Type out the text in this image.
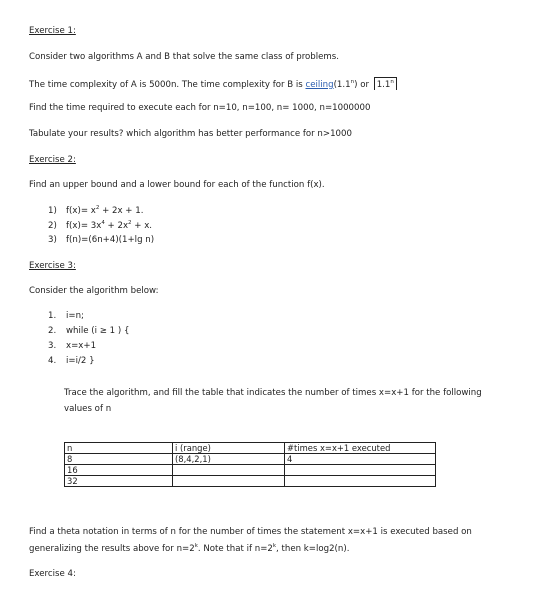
Exercise 1:
Consider two algorithms A and B that solve the same class of problems.
The time complexity of A is 5000n. The time complexity for B is ceiling(1.1$^n$) or 1.1$^n$
Find the time required to execute each for n=10, n=100, n= 1000, n=1000000
Tabulate your results? which algorithm has better performance for n>1000
Exercise 2:
Find an upper bound and a lower bound for each of the function f(x).
1) $f(x)= x^2 + 2x + 1$.
2) $f(x)= 3x^4 + 2x^2 + x$.
3) f(n)=(6n+4)(1+lg n)
Exercise 3:
Consider the algorithm below:
1. i=n;
2. while (i ≥ 1 ) {
3. x=x+1
4. i=i/2 }
Trace the algorithm, and fill the table that indicates the number of times x=x+1 for the following
values of n
n	i (range)	#times x=x+1 executed
8	(8,4,2,1)	4
16		
32		
Find a theta notation in terms of n for the number of times the statement x=x+1 is executed based on
generalizing the results above for $n=2^k$. Note that if $n=2^k$, then k=log2(n).
Exercise 4:
